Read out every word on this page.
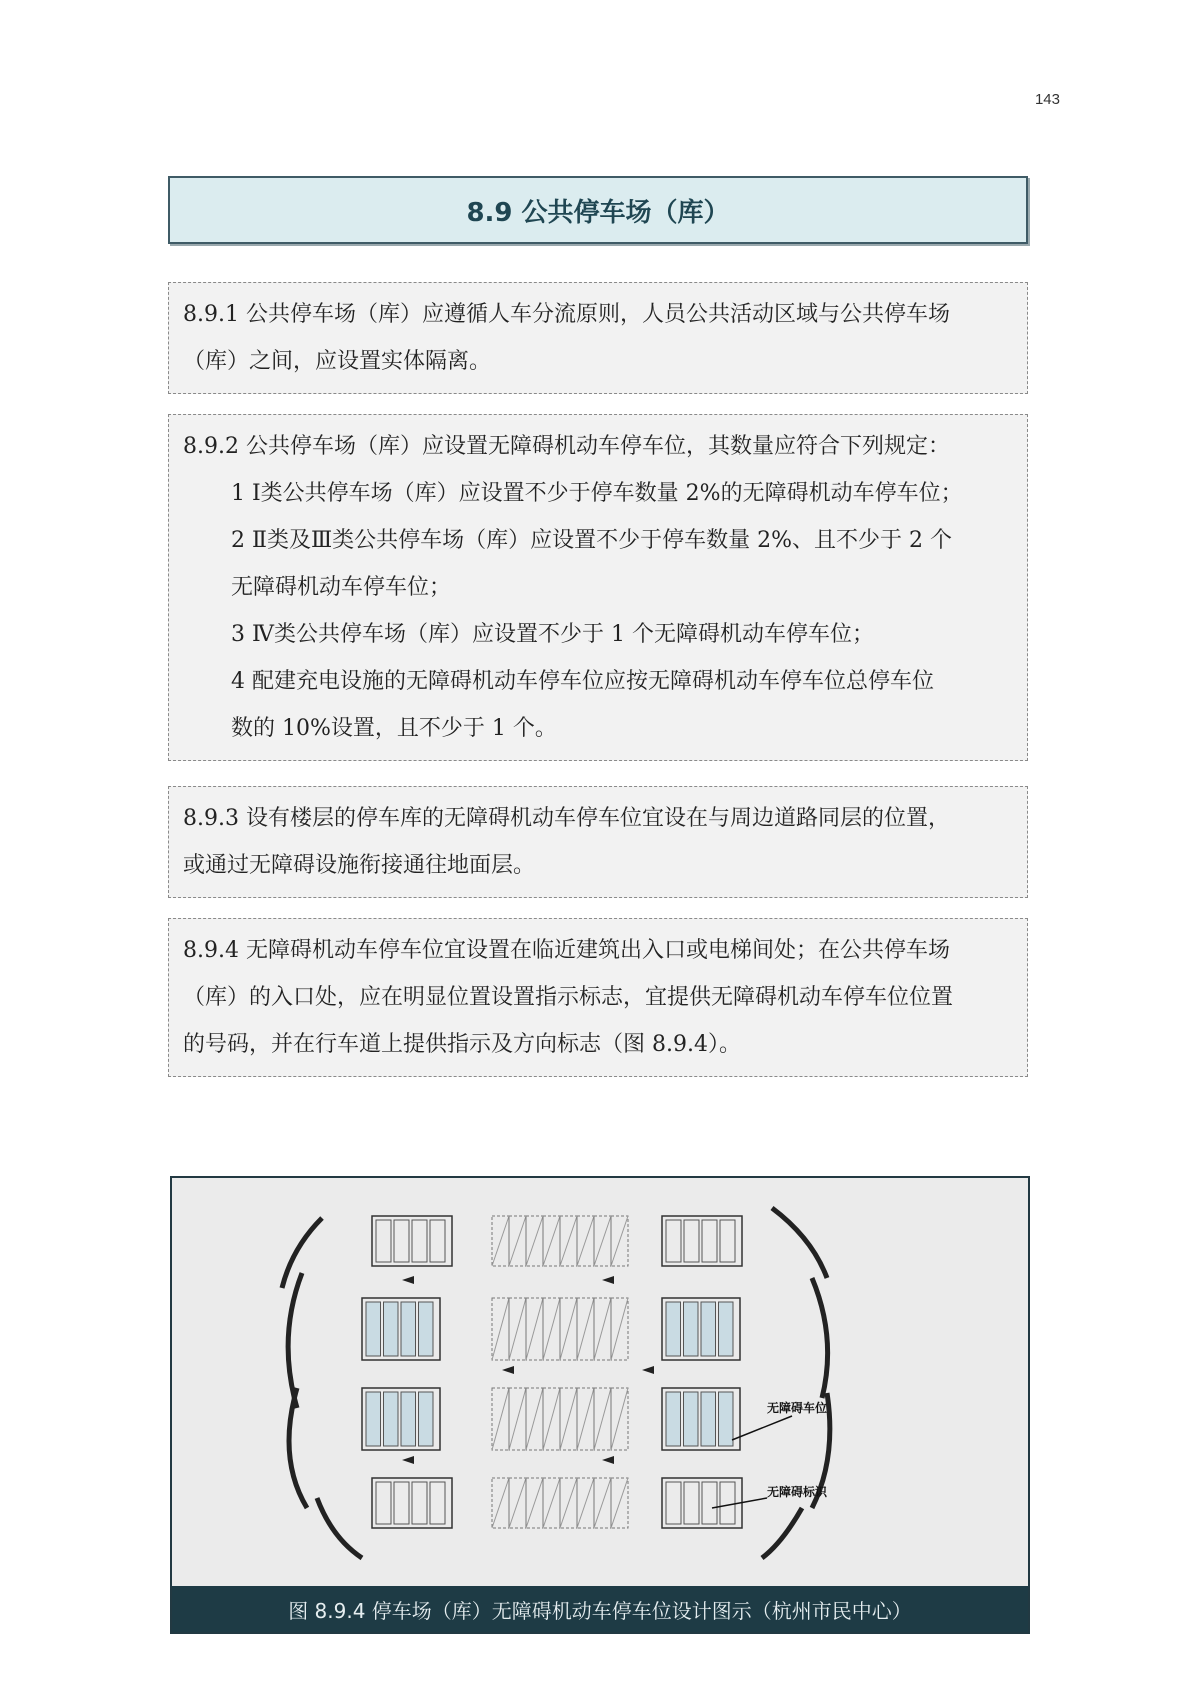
143
8.9 公共停车场（库）

8.9.1 公共停车场（库）应遵循人车分流原则，人员公共活动区域与公共停车场

（库）之间，应设置实体隔离。

8.9.2 公共停车场（库）应设置无障碍机动车停车位，其数量应符合下列规定：

1 Ⅰ类公共停车场（库）应设置不少于停车数量 2%的无障碍机动车停车位；

2 Ⅱ类及Ⅲ类公共停车场（库）应设置不少于停车数量 2%、且不少于 2 个

无障碍机动车停车位；

3 Ⅳ类公共停车场（库）应设置不少于 1 个无障碍机动车停车位；

4 配建充电设施的无障碍机动车停车位应按无障碍机动车停车位总停车位

数的 10%设置，且不少于 1 个。

8.9.3 设有楼层的停车库的无障碍机动车停车位宜设在与周边道路同层的位置，

或通过无障碍设施衔接通往地面层。

8.9.4 无障碍机动车停车位宜设置在临近建筑出入口或电梯间处；在公共停车场

（库）的入口处，应在明显位置设置指示标志，宜提供无障碍机动车停车位位置

的号码，并在行车道上提供指示及方向标志（图 8.9.4）。

无障碍车位
无障碍标识
图 8.9.4 停车场（库）无障碍机动车停车位设计图示（杭州市民中心）
